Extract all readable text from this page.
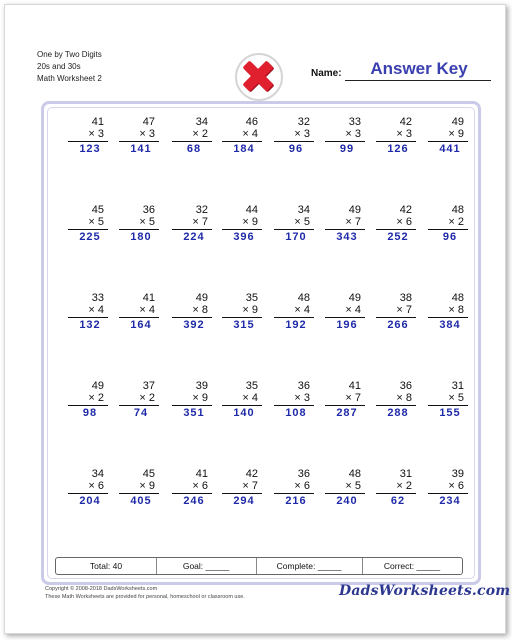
One by Two Digits
20s and 30s
Math Worksheet 2	Name:	Answer Key
41
× 3
123
47
× 3
141
34
× 2
68
46
× 4
184
32
× 3
96
33
× 3
99
42
× 3
126
49
× 9
441
45
× 5
225
36
× 5
180
32
× 7
224
44
× 9
396
34
× 5
170
49
× 7
343
42
× 6
252
48
× 2
96
33
× 4
132
41
× 4
164
49
× 8
392
35
× 9
315
48
× 4
192
49
× 4
196
38
× 7
266
48
× 8
384
49
× 2
98
37
× 2
74
39
× 9
351
35
× 4
140
36
× 3
108
41
× 7
287
36
× 8
288
31
× 5
155
34
× 6
204
45
× 9
405
41
× 6
246
42
× 7
294
36
× 6
216
48
× 5
240
31
× 2
62
39
× 6
234
Total: 40	Goal: _____	Complete: _____	Correct: _____
Copyright © 2008-2018 DadsWorksheets.com
These Math Worksheets are provided for personal, homeschool or classroom use.	DadsWorksheets.com
